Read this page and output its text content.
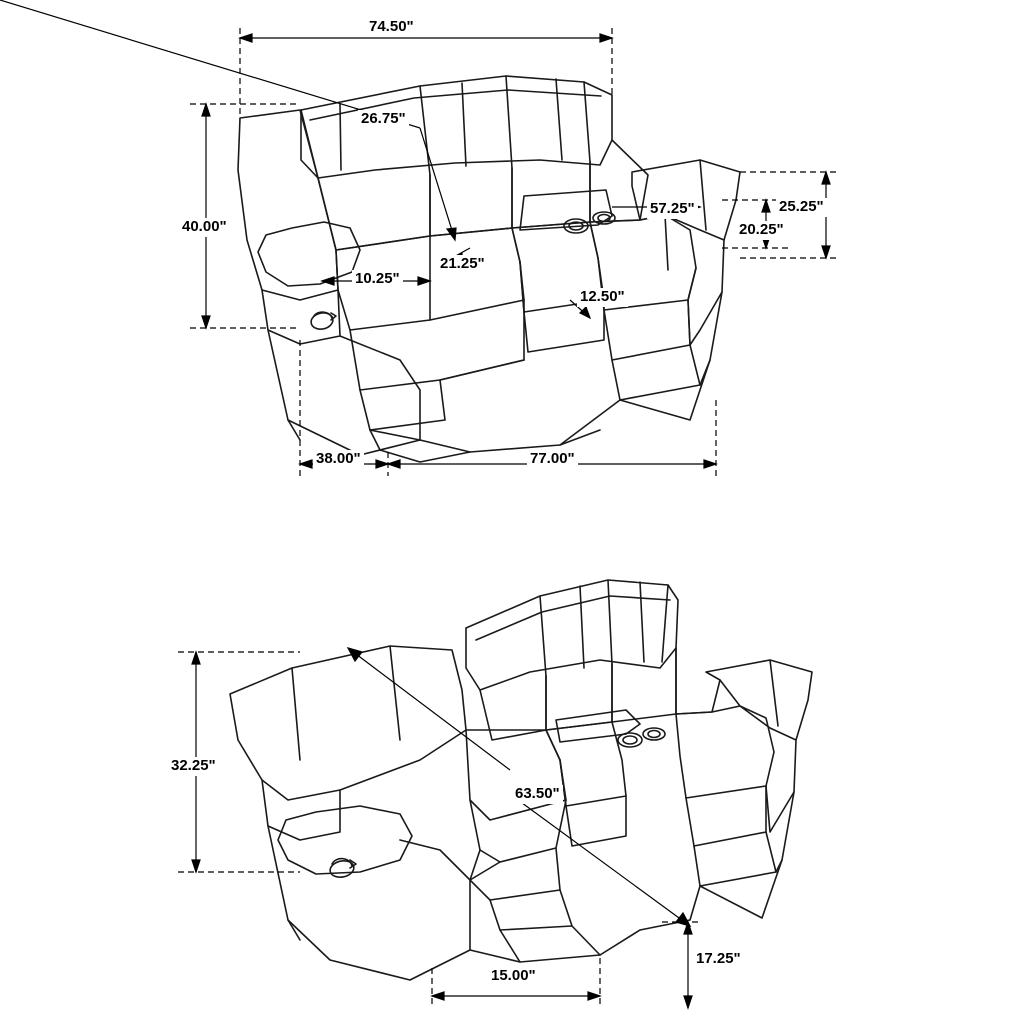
74.50"
26.75"
40.00"
21.25"
10.25"
57.25"
12.50"
25.25"
20.25"
38.00"	77.00"
32.25"
63.50"
15.00"
17.25"
